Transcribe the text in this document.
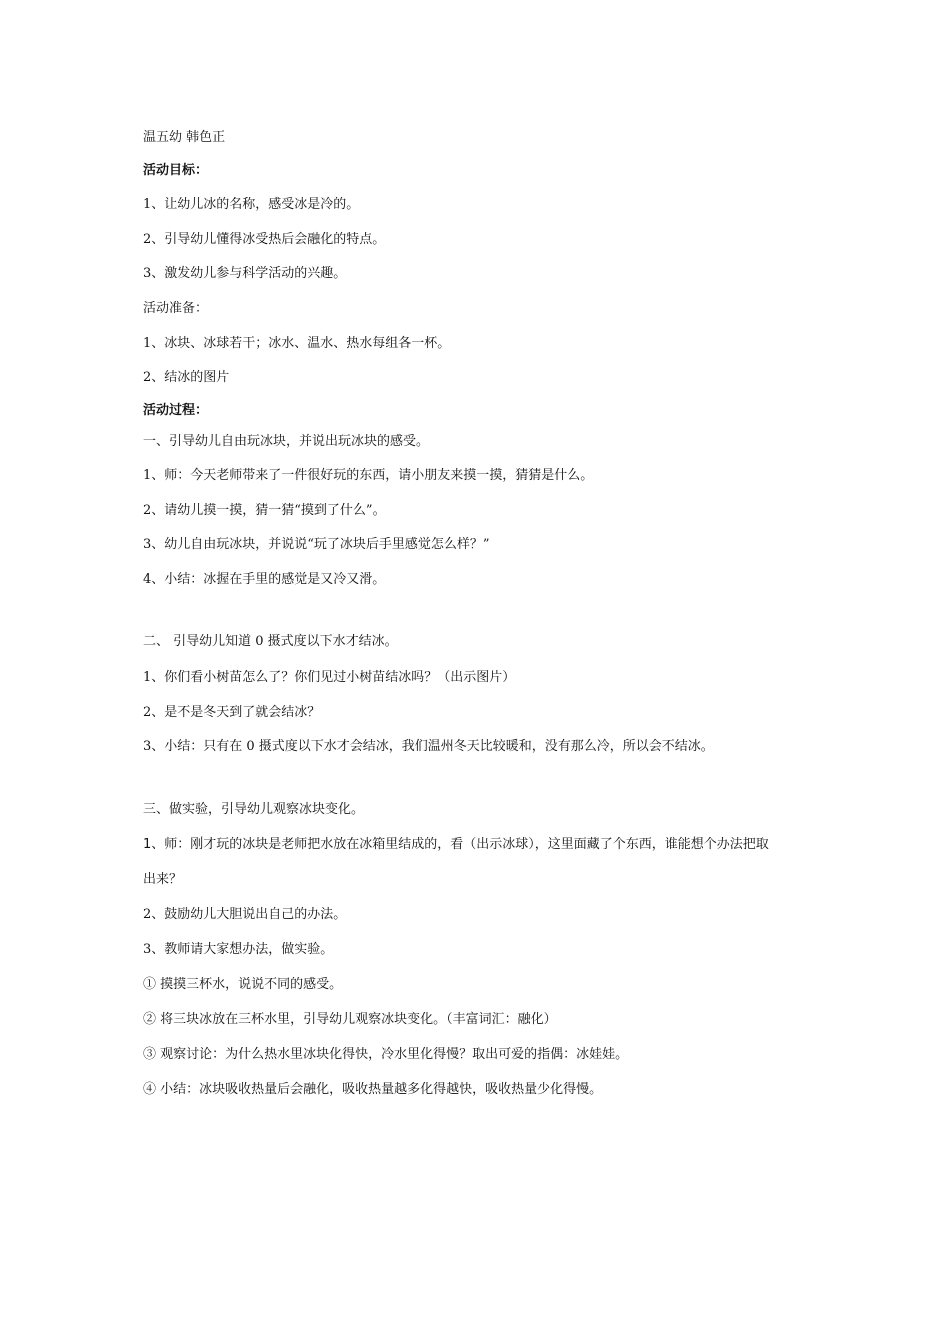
温五幼 韩色正

活动目标：

1、让幼儿冰的名称，感受冰是冷的。

2、引导幼儿懂得冰受热后会融化的特点。

3、激发幼儿参与科学活动的兴趣。

活动准备：

1、冰块、冰球若干；冰水、温水、热水每组各一杯。

2、结冰的图片

活动过程：

一、引导幼儿自由玩冰块，并说出玩冰块的感受。

1、师：今天老师带来了一件很好玩的东西，请小朋友来摸一摸，猜猜是什么。

2、请幼儿摸一摸，猜一猜“摸到了什么”。

3、幼儿自由玩冰块，并说说“玩了冰块后手里感觉怎么样？”

4、小结：冰握在手里的感觉是又冷又滑。

二、 引导幼儿知道 0 摄式度以下水才结冰。

1、你们看小树苗怎么了？你们见过小树苗结冰吗？（出示图片）

2、是不是冬天到了就会结冰？

3、小结：只有在 0 摄式度以下水才会结冰，我们温州冬天比较暖和，没有那么冷，所以会不结冰。

三、做实验，引导幼儿观察冰块变化。

1、师：刚才玩的冰块是老师把水放在冰箱里结成的，看（出示冰球），这里面藏了个东西，谁能想个办法把取

出来？

2、鼓励幼儿大胆说出自己的办法。

3、教师请大家想办法，做实验。

① 摸摸三杯水，说说不同的感受。

② 将三块冰放在三杯水里，引导幼儿观察冰块变化。（丰富词汇：融化）

③ 观察讨论：为什么热水里冰块化得快，冷水里化得慢？取出可爱的指偶：冰娃娃。

④ 小结：冰块吸收热量后会融化，吸收热量越多化得越快，吸收热量少化得慢。
